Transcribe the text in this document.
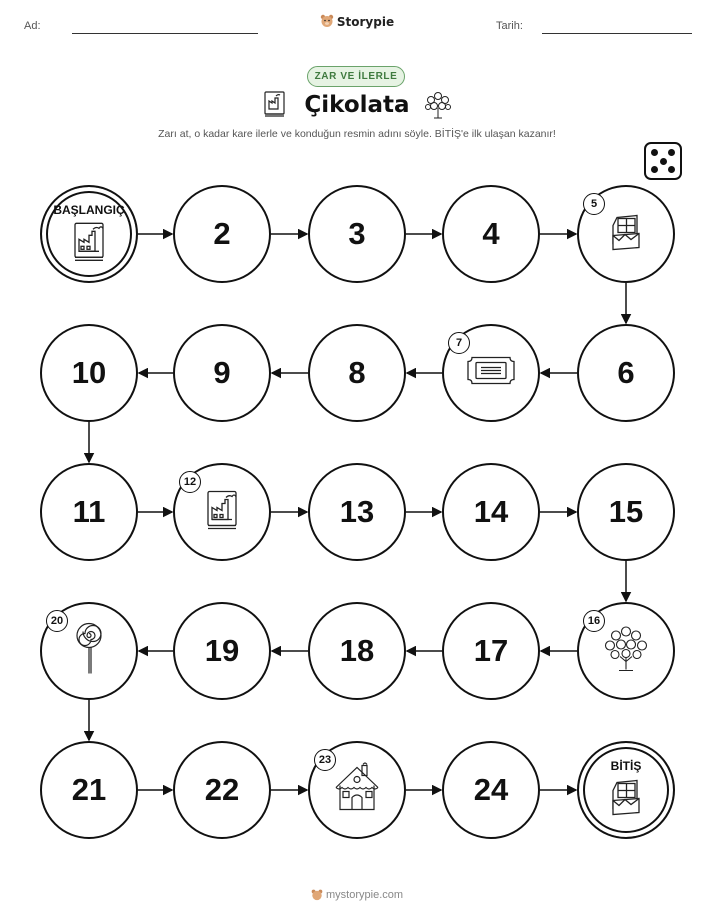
Ad:	Tarih:
Storypie
ZAR VE İLERLE
Çikolata
Zarı at, o kadar kare ilerle ve konduğun resmin adını söyle. BİTİŞ'e ilk ulaşan kazanır!
BAŞLANGIÇ
2	3	4
5
6
7
8
9
10
11
12
13	14	15
16
17
18
19
20
21	22
23
24
BİTİŞ
mystorypie.com
